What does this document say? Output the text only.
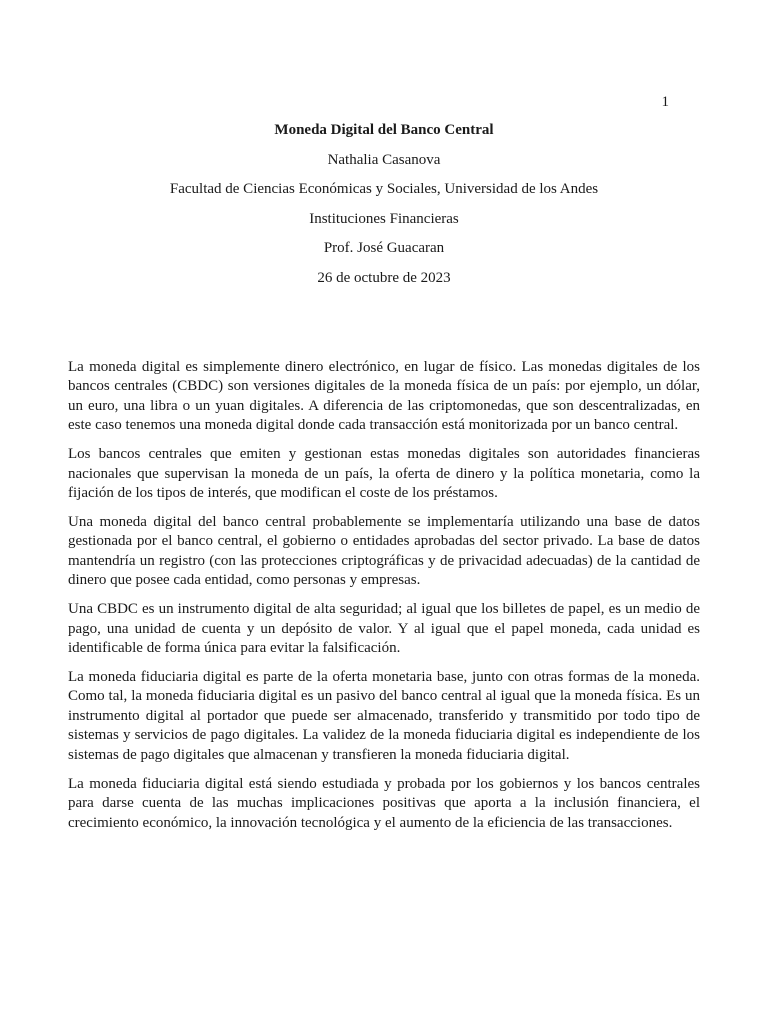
1
Moneda Digital del Banco Central
Nathalia Casanova
Facultad de Ciencias Económicas y Sociales, Universidad de los Andes
Instituciones Financieras
Prof. José Guacaran
26 de octubre de 2023

La moneda digital es simplemente dinero electrónico, en lugar de físico. Las monedas digitales de los bancos centrales (CBDC) son versiones digitales de la moneda física de un país: por ejemplo, un dólar, un euro, una libra o un yuan digitales. A diferencia de las criptomonedas, que son descentralizadas, en este caso tenemos una moneda digital donde cada transacción está monitorizada por un banco central.

Los bancos centrales que emiten y gestionan estas monedas digitales son autoridades financieras nacionales que supervisan la moneda de un país, la oferta de dinero y la política monetaria, como la fijación de los tipos de interés, que modifican el coste de los préstamos.

Una moneda digital del banco central probablemente se implementaría utilizando una base de datos gestionada por el banco central, el gobierno o entidades aprobadas del sector privado. La base de datos mantendría un registro (con las protecciones criptográficas y de privacidad adecuadas) de la cantidad de dinero que posee cada entidad, como personas y empresas.

Una CBDC es un instrumento digital de alta seguridad; al igual que los billetes de papel, es un medio de pago, una unidad de cuenta y un depósito de valor. Y al igual que el papel moneda, cada unidad es identificable de forma única para evitar la falsificación.

La moneda fiduciaria digital es parte de la oferta monetaria base, junto con otras formas de la moneda. Como tal, la moneda fiduciaria digital es un pasivo del banco central al igual que la moneda física. Es un instrumento digital al portador que puede ser almacenado, transferido y transmitido por todo tipo de sistemas y servicios de pago digitales. La validez de la moneda fiduciaria digital es independiente de los sistemas de pago digitales que almacenan y transfieren la moneda fiduciaria digital.

La moneda fiduciaria digital está siendo estudiada y probada por los gobiernos y los bancos centrales para darse cuenta de las muchas implicaciones positivas que aporta a la inclusión financiera, el crecimiento económico, la innovación tecnológica y el aumento de la eficiencia de las transacciones.
